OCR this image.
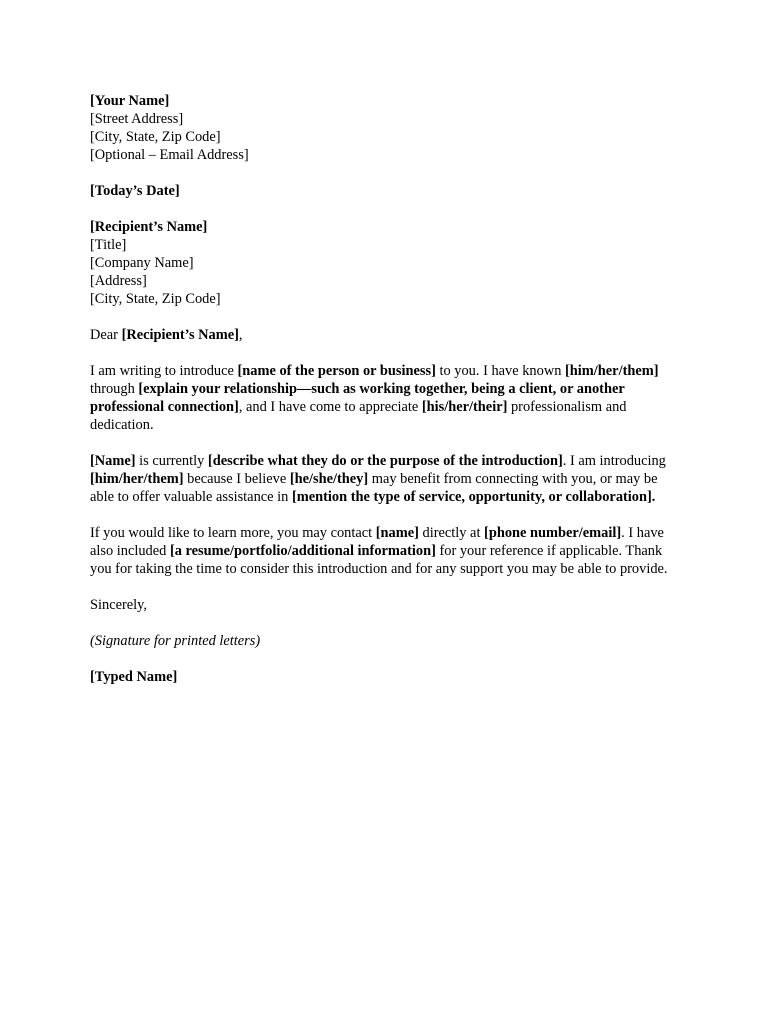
[Your Name]
[Street Address]
[City, State, Zip Code]
[Optional – Email Address]
[Today’s Date]
[Recipient’s Name]
[Title]
[Company Name]
[Address]
[City, State, Zip Code]
Dear [Recipient’s Name],

I am writing to introduce [name of the person or business] to you. I have known [him/her/them] through [explain your relationship—such as working together, being a client, or another professional connection], and I have come to appreciate [his/her/their] professionalism and dedication.

[Name] is currently [describe what they do or the purpose of the introduction]. I am introducing [him/her/them] because I believe [he/she/they] may benefit from connecting with you, or may be able to offer valuable assistance in [mention the type of service, opportunity, or collaboration].

If you would like to learn more, you may contact [name] directly at [phone number/email]. I have also included [a resume/portfolio/additional information] for your reference if applicable. Thank you for taking the time to consider this introduction and for any support you may be able to provide.

Sincerely,
(Signature for printed letters)
[Typed Name]
